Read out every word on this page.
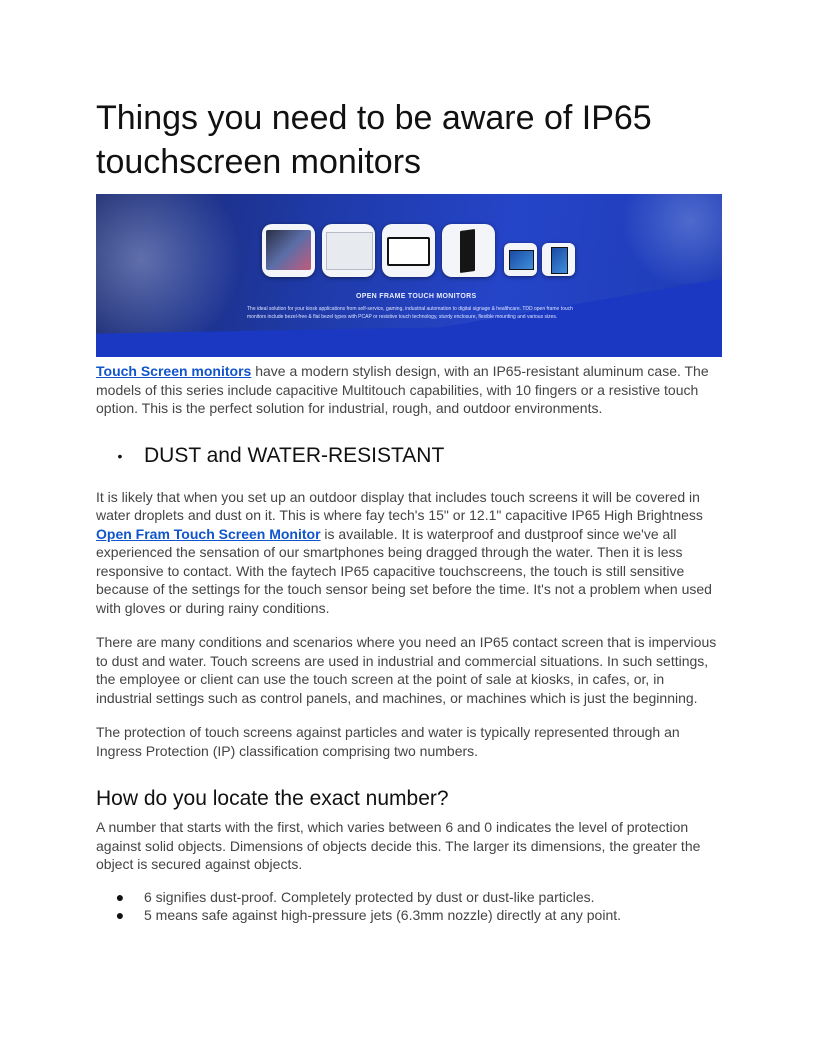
Things you need to be aware of IP65 touchscreen monitors
OPEN FRAME TOUCH MONITORS
The ideal solution for your kiosk applications from self-service, gaming, industrial automation to digital signage & healthcare. TDD open frame touch monitors include bezel-free & flat bezel types with PCAP or resistive touch technology, sturdy enclosure, flexible mounting and various sizes.

Touch Screen monitors have a modern stylish design, with an IP65-resistant aluminum case. The models of this series include capacitive Multitouch capabilities, with 10 fingers or a resistive touch option. This is the perfect solution for industrial, rough, and outdoor environments.

•	DUST and WATER-RESISTANT

It is likely that when you set up an outdoor display that includes touch screens it will be covered in water droplets and dust on it. This is where fay tech's 15" or 12.1" capacitive IP65 High Brightness Open Fram Touch Screen Monitor is available. It is waterproof and dustproof since we've all experienced the sensation of our smartphones being dragged through the water. Then it is less responsive to contact. With the faytech IP65 capacitive touchscreens, the touch is still sensitive because of the settings for the touch sensor being set before the time. It's not a problem when used with gloves or during rainy conditions.

There are many conditions and scenarios where you need an IP65 contact screen that is impervious to dust and water. Touch screens are used in industrial and commercial situations. In such settings, the employee or client can use the touch screen at the point of sale at kiosks, in cafes, or, in industrial settings such as control panels, and machines, or machines which is just the beginning.

The protection of touch screens against particles and water is typically represented through an Ingress Protection (IP) classification comprising two numbers.

How do you locate the exact number?

A number that starts with the first, which varies between 6 and 0 indicates the level of protection against solid objects. Dimensions of objects decide this. The larger its dimensions, the greater the object is secured against objects.

●	6 signifies dust-proof. Completely protected by dust or dust-like particles.
●	5 means safe against high-pressure jets (6.3mm nozzle) directly at any point.
